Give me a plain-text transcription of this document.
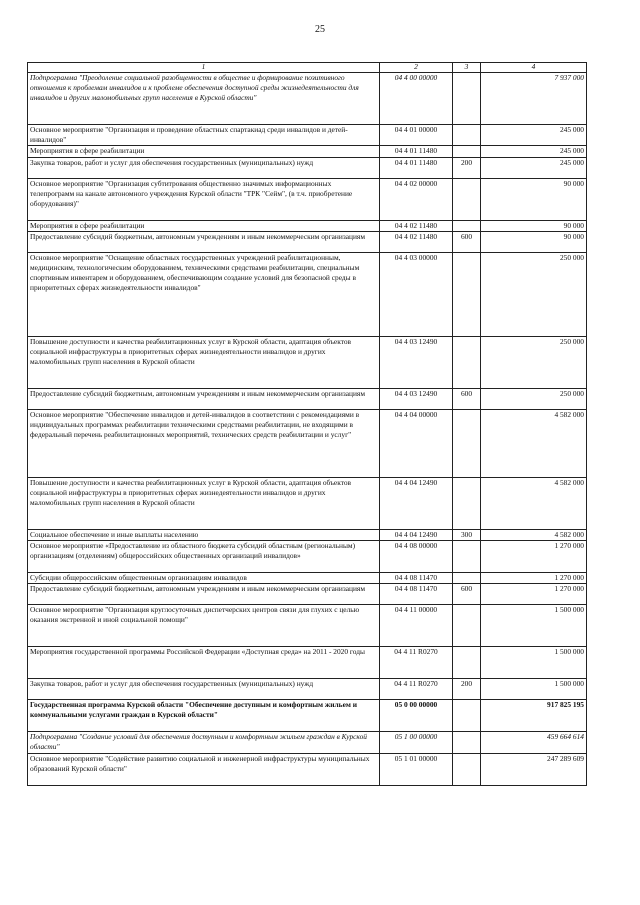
25
1	2	3	4
Подпрограмма "Преодоление социальной разобщенности в обществе и формирование позитивного отношения к проблемам инвалидов и к проблеме обеспечения доступной среды жизнедеятельности для инвалидов и других маломобильных групп населения в Курской области"	04 4 00 00000		7 937 000
Основное мероприятие "Организация и проведение областных спартакиад среди инвалидов и детей-инвалидов"	04 4 01 00000		245 000
Мероприятия в сфере реабилитации	04 4 01 11480		245 000
Закупка товаров, работ и услуг для обеспечения государственных (муниципальных) нужд	04 4 01 11480	200	245 000
Основное мероприятие "Организация субтитрования общественно значимых информационных телепрограмм на канале автономного учреждения Курской области "ТРК "Сейм", (в т.ч. приобретение оборудования)"	04 4 02 00000		90 000
Мероприятия в сфере реабилитации	04 4 02 11480		90 000
Предоставление субсидий бюджетным, автономным учреждениям и иным некоммерческим организациям	04 4 02 11480	600	90 000
Основное мероприятие "Оснащение областных государственных учреждений реабилитационным, медицинским, технологическим оборудованием, техническими средствами реабилитации, специальным спортивным инвентарем и оборудованием, обеспечивающим создание условий для безопасной среды в приоритетных сферах жизнедеятельности инвалидов"	04 4 03 00000		250 000
Повышение доступности и качества реабилитационных услуг в Курской области, адаптация объектов социальной инфраструктуры в приоритетных сферах жизнедеятельности инвалидов и других маломобильных групп населения в Курской области	04 4 03 12490		250 000
Предоставление субсидий бюджетным, автономным учреждениям и иным некоммерческим организациям	04 4 03 12490	600	250 000
Основное мероприятие "Обеспечение инвалидов и детей-инвалидов в соответствии с рекомендациями в индивидуальных программах реабилитации техническими средствами реабилитации, не входящими в федеральный перечень реабилитационных мероприятий, технических средств реабилитации и услуг"	04 4 04 00000		4 582 000
Повышение доступности и качества реабилитационных услуг в Курской области, адаптация объектов социальной инфраструктуры в приоритетных сферах жизнедеятельности инвалидов и других маломобильных групп населения в Курской области	04 4 04 12490		4 582 000
Социальное обеспечение и иные выплаты населению	04 4 04 12490	300	4 582 000
Основное мероприятие «Предоставление из областного бюджета субсидий областным (региональным) организациям (отделениям) общероссийских общественных организаций инвалидов»	04 4 08 00000		1 270 000
Субсидии общероссийским общественным организациям инвалидов	04 4 08 11470		1 270 000
Предоставление субсидий бюджетным, автономным учреждениям и иным некоммерческим организациям	04 4 08 11470	600	1 270 000
Основное мероприятие "Организация круглосуточных диспетчерских центров связи для глухих с целью оказания экстренной и иной социальной помощи"	04 4 11 00000		1 500 000
Мероприятия государственной программы Российской Федерации «Доступная среда» на 2011 - 2020 годы	04 4 11 R0270		1 500 000
Закупка товаров, работ и услуг для обеспечения государственных (муниципальных) нужд	04 4 11 R0270	200	1 500 000
Государственная программа Курской области "Обеспечение доступным и комфортным жильем и коммунальными услугами граждан в Курской области"	05 0 00 00000		917 825 195
Подпрограмма "Создание условий для обеспечения доступным и комфортным жильем граждан в Курской области"	05 1 00 00000		459 664 614
Основное мероприятие "Содействие развитию социальной и инженерной инфраструктуры муниципальных образований Курской области"	05 1 01 00000		247 289 609
